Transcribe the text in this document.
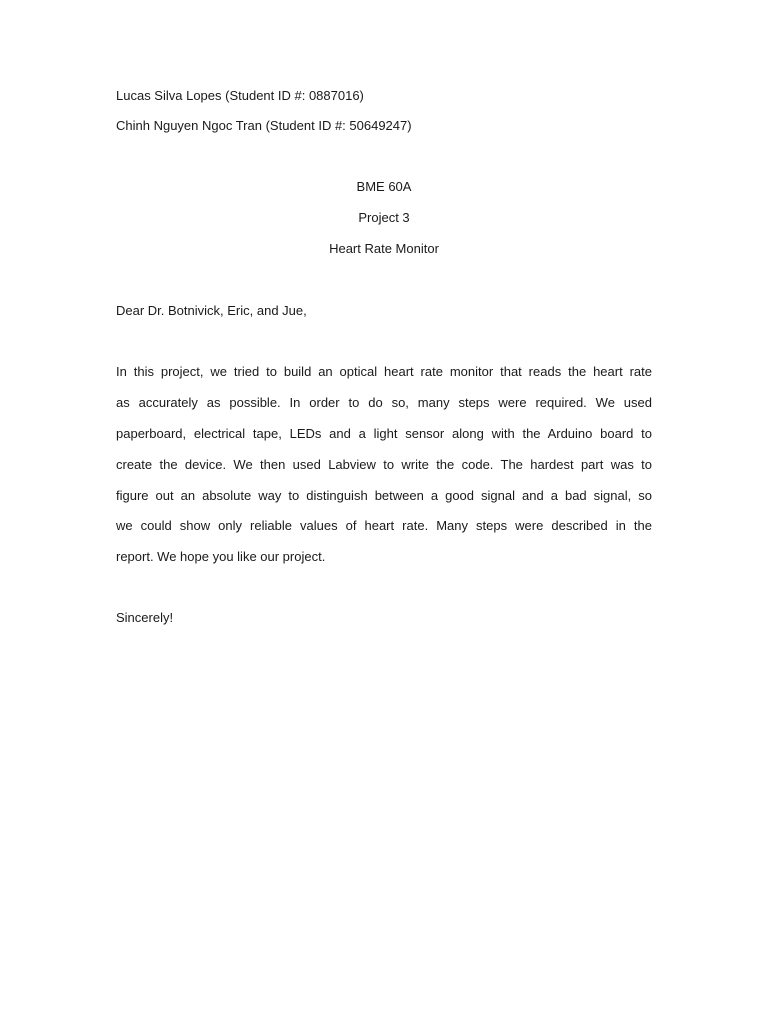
Lucas Silva Lopes (Student ID #: 0887016)
Chinh Nguyen Ngoc Tran (Student ID #: 50649247)
BME 60A
Project 3
Heart Rate Monitor
Dear Dr. Botnivick, Eric, and Jue,
In this project, we tried to build an optical heart rate monitor that reads the heart rate
as accurately as possible. In order to do so, many steps were required. We used
paperboard, electrical tape, LEDs and a light sensor along with the Arduino board to
create the device. We then used Labview to write the code. The hardest part was to
figure out an absolute way to distinguish between a good signal and a bad signal, so
we could show only reliable values of heart rate. Many steps were described in the
report. We hope you like our project.
Sincerely!
